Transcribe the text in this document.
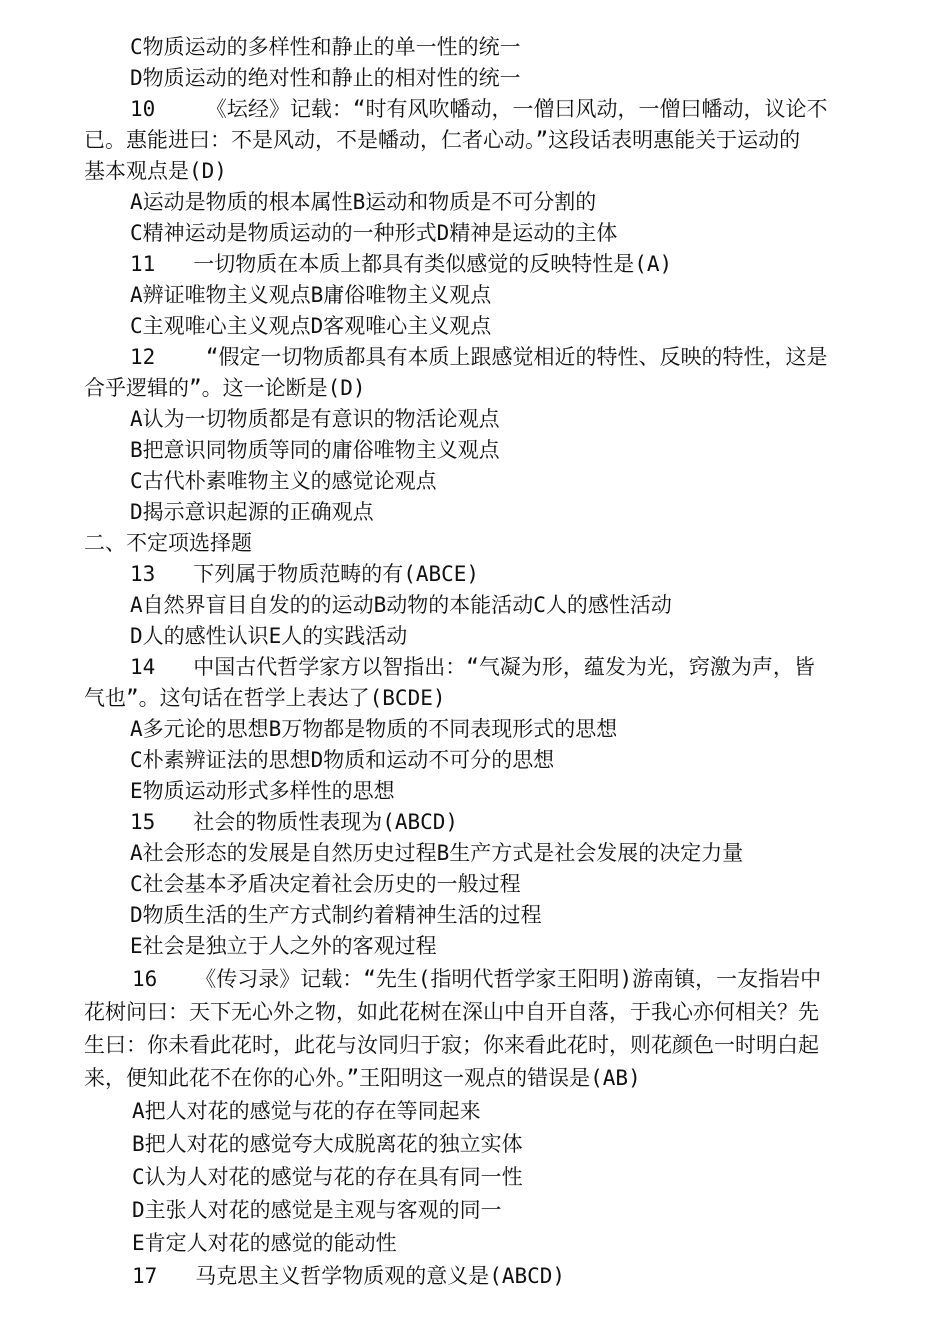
C物质运动的多样性和静止的单一性的统一
D物质运动的绝对性和静止的相对性的统一
10    《坛经》记载：“时有风吹幡动，一僧曰风动，一僧曰幡动，议论不
已。惠能进曰：不是风动，不是幡动，仁者心动。”这段话表明惠能关于运动的
基本观点是(D)
A运动是物质的根本属性B运动和物质是不可分割的
C精神运动是物质运动的一种形式D精神是运动的主体
11   一切物质在本质上都具有类似感觉的反映特性是(A)
A辨证唯物主义观点B庸俗唯物主义观点
C主观唯心主义观点D客观唯心主义观点
12    “假定一切物质都具有本质上跟感觉相近的特性、反映的特性，这是
合乎逻辑的”。这一论断是(D)
A认为一切物质都是有意识的物活论观点
B把意识同物质等同的庸俗唯物主义观点
C古代朴素唯物主义的感觉论观点
D揭示意识起源的正确观点
二、不定项选择题
13   下列属于物质范畴的有(ABCE)
A自然界盲目自发的的运动B动物的本能活动C人的感性活动
D人的感性认识E人的实践活动
14   中国古代哲学家方以智指出：“气凝为形，蕴发为光，窍激为声，皆
气也”。这句话在哲学上表达了(BCDE)
A多元论的思想B万物都是物质的不同表现形式的思想
C朴素辨证法的思想D物质和运动不可分的思想
E物质运动形式多样性的思想
15   社会的物质性表现为(ABCD)
A社会形态的发展是自然历史过程B生产方式是社会发展的决定力量
C社会基本矛盾决定着社会历史的一般过程
D物质生活的生产方式制约着精神生活的过程
E社会是独立于人之外的客观过程
16   《传习录》记载：“先生(指明代哲学家王阳明)游南镇，一友指岩中
花树问曰：天下无心外之物，如此花树在深山中自开自落，于我心亦何相关？先
生曰：你未看此花时，此花与汝同归于寂；你来看此花时，则花颜色一时明白起
来，便知此花不在你的心外。”王阳明这一观点的错误是(AB)
A把人对花的感觉与花的存在等同起来
B把人对花的感觉夸大成脱离花的独立实体
C认为人对花的感觉与花的存在具有同一性
D主张人对花的感觉是主观与客观的同一
E肯定人对花的感觉的能动性
17   马克思主义哲学物质观的意义是(ABCD)
